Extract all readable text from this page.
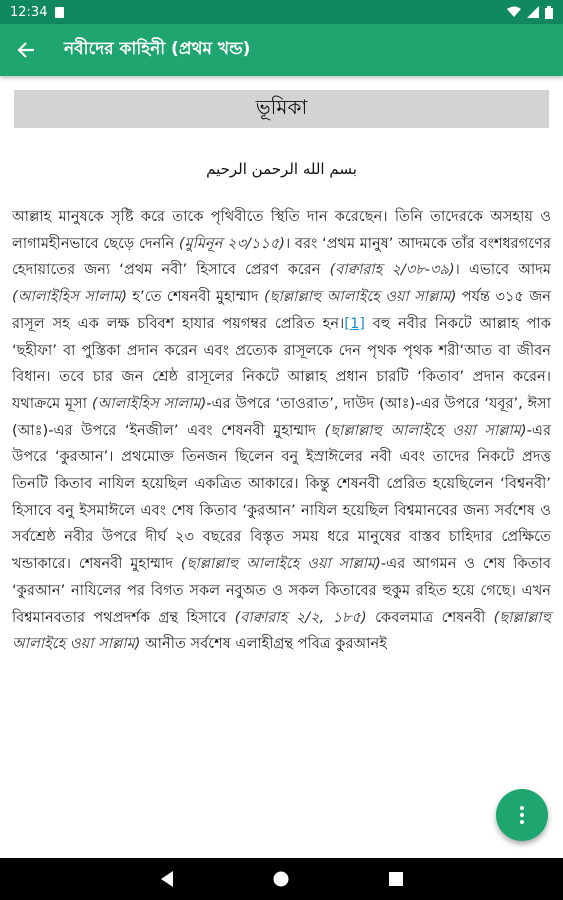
12:34
নবীদের কাহিনী (প্রথম খন্ড)
ভূমিকা
بسم الله الرحمن الرحيم

আল্লাহ মানুষকে সৃষ্টি করে তাকে পৃথিবীতে স্থিতি দান করেছেন। তিনি তাদেরকে অসহায় ও লাগামহীনভাবে ছেড়ে দেননি (মুমিনূন ২৩/১১৫)। বরং ‘প্রথম মানুষ’ আদমকে তাঁর বংশধরগণের হেদায়াতের জন্য ‘প্রথম নবী’ হিসাবে প্রেরণ করেন (বাক্বারাহ ২/৩৮-৩৯)। এভাবে আদম (আলাইহিস সালাম) হ’তে শেষনবী মুহাম্মাদ (ছাল্লাল্লাহু আলাইহে ওয়া সাল্লাম) পর্যন্ত ৩১৫ জন রাসূল সহ এক লক্ষ চবিবশ হাযার পয়গম্বর প্রেরিত হন।[1] বহু নবীর নিকটে আল্লাহ পাক ‘ছহীফা’ বা পুস্তিকা প্রদান করেন এবং প্রত্যেক রাসূলকে দেন পৃথক পৃথক শরী‘আত বা জীবন বিধান। তবে চার জন শ্রেষ্ঠ রাসূলের নিকটে আল্লাহ প্রধান চারটি ‘কিতাব’ প্রদান করেন। যথাক্রমে মূসা (আলাইহিস সালাম)-এর উপরে ‘তাওরাত’, দাউদ (আঃ)-এর উপরে ‘যবূর’, ঈসা (আঃ)-এর উপরে ‘ইনজীল’ এবং শেষনবী মুহাম্মাদ (ছাল্লাল্লাহু আলাইহে ওয়া সাল্লাম)-এর উপরে ‘কুরআন’। প্রথমোক্ত তিনজন ছিলেন বনু ইস্রাঈলের নবী এবং তাদের নিকটে প্রদত্ত তিনটি কিতাব নাযিল হয়েছিল একত্রিত আকারে। কিন্তু শেষনবী প্রেরিত হয়েছিলেন ‘বিশ্বনবী’ হিসাবে বনু ইসমাঈলে এবং শেষ কিতাব ‘কুরআন’ নাযিল হয়েছিল বিশ্বমানবের জন্য সর্বশেষ ও সর্বশ্রেষ্ঠ নবীর উপরে দীর্ঘ ২৩ বছরের বিস্তৃত সময় ধরে মানুষের বাস্তব চাহিদার প্রেক্ষিতে খন্ডাকারে। শেষনবী মুহাম্মাদ (ছাল্লাল্লাহু আলাইহে ওয়া সাল্লাম)-এর আগমন ও শেষ কিতাব ‘কুরআন’ নাযিলের পর বিগত সকল নবুঅত ও সকল কিতাবের হুকুম রহিত হয়ে গেছে। এখন বিশ্বমানবতার পথপ্রদর্শক গ্রন্থ হিসাবে (বাক্বারাহ ২/২, ১৮৫) কেবলমাত্র শেষনবী (ছাল্লাল্লাহু আলাইহে ওয়া সাল্লাম) আনীত সর্বশেষ এলাহীগ্রন্থ পবিত্র কুরআনই
